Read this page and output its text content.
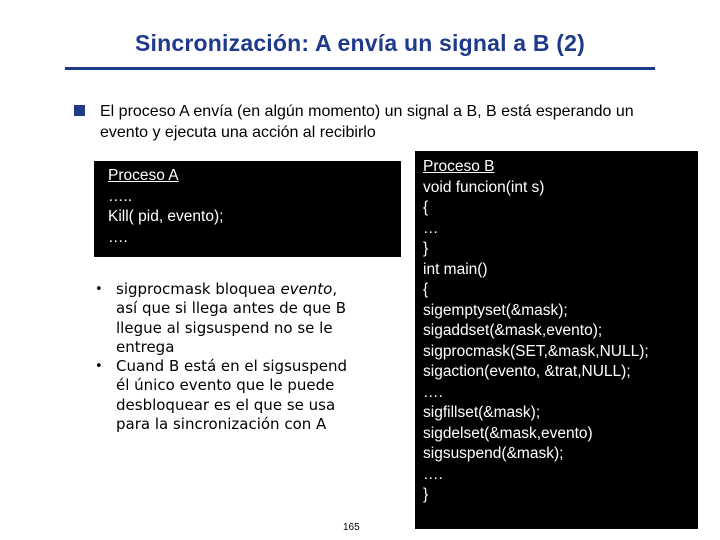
Sincronización: A envía un signal a B (2)
El proceso A envía (en algún momento) un signal a B, B está esperando un
evento y ejecuta una acción al recibirlo
Proceso A
…..
Kill( pid, evento);
….
Proceso B
void funcion(int s)
{
…
}
int main()
{
sigemptyset(&mask);
sigaddset(&mask,evento);
sigprocmask(SET,&mask,NULL);
sigaction(evento, &trat,NULL);
….
sigfillset(&mask);
sigdelset(&mask,evento)
sigsuspend(&mask);
….
}
• sigprocmask bloquea evento,
así que si llega antes de que B
llegue al sigsuspend no se le
entrega
• Cuand B está en el sigsuspend
él único evento que le puede
desbloquear es el que se usa
para la sincronización con A
165
